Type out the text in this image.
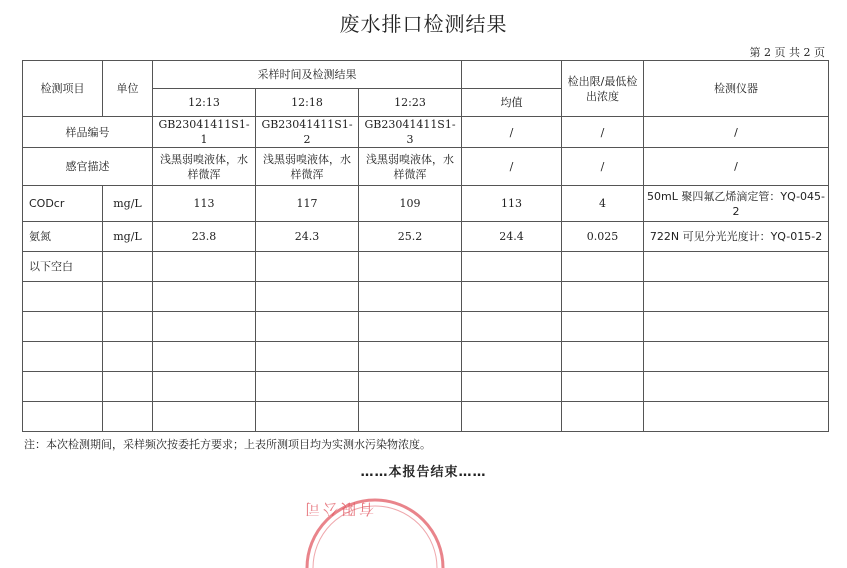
废水排口检测结果
第 2 页 共 2 页
检测项目	单位	采样时间及检测结果				检出限/最低检出浓度	检测仪器
		12:13	12:18	12:23	均值		
样品编号		GB23041411S1-1	GB23041411S1-2	GB23041411S1-3	/	/	/
感官描述		浅黑弱嗅液体，水样微浑	浅黑弱嗅液体，水样微浑	浅黑弱嗅液体，水样微浑	/	/	/
CODcr	mg/L	113	117	109	113	4	50mL 聚四氟乙烯滴定管：YQ-045-2
氨氮	mg/L	23.8	24.3	25.2	24.4	0.025	722N 可见分光光度计：YQ-015-2
以下空白							

注：本次检测期间，采样频次按委托方要求；上表所测项目均为实测水污染物浓度。
……本报告结束……
有限公司
